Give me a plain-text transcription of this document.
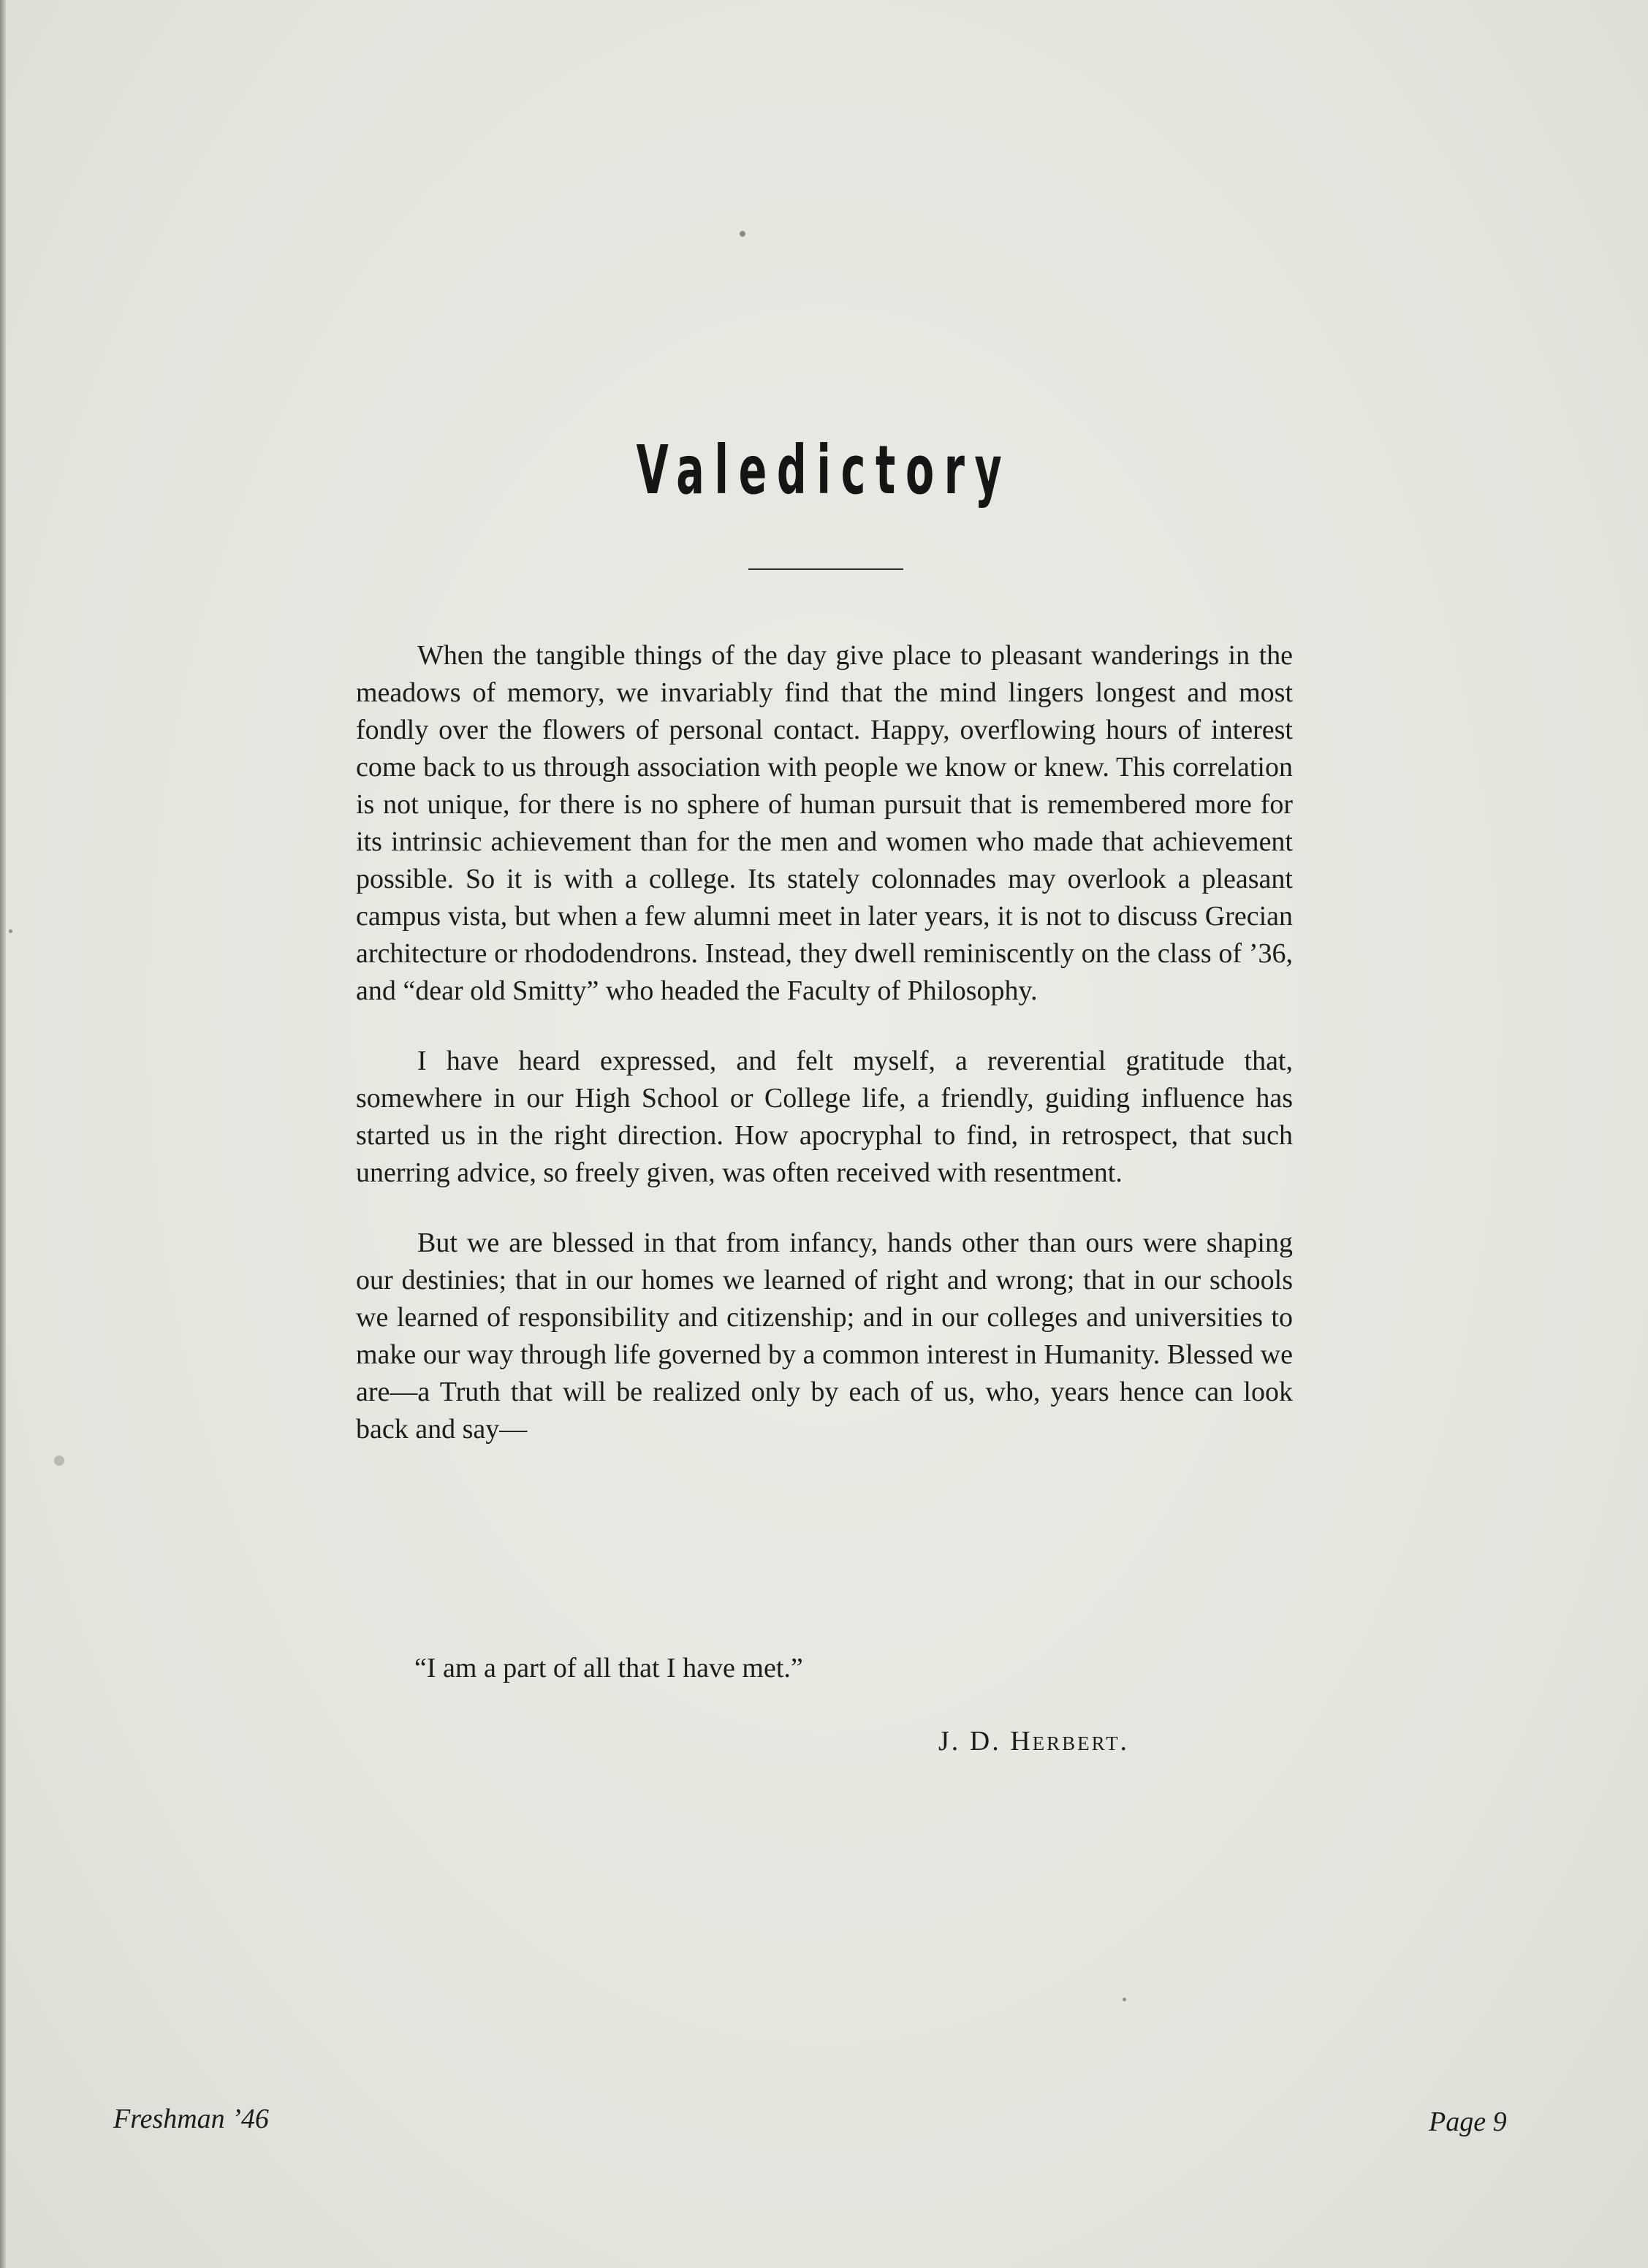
Valedictory

When the tangible things of the day give place to pleasant wanderings in the meadows of memory, we invariably find that the mind lingers longest and most fondly over the flowers of personal contact. Happy, overflowing hours of interest come back to us through association with people we know or knew. This correlation is not unique, for there is no sphere of human pursuit that is remembered more for its intrinsic achievement than for the men and women who made that achievement possible. So it is with a college. Its stately colonnades may overlook a pleasant campus vista, but when a few alumni meet in later years, it is not to discuss Grecian architecture or rhododendrons. Instead, they dwell reminiscently on the class of ’36, and “dear old Smitty” who headed the Faculty of Philosophy.

I have heard expressed, and felt myself, a reverential gratitude that, somewhere in our High School or College life, a friendly, guiding influence has started us in the right direction. How apocryphal to find, in retrospect, that such unerring advice, so freely given, was often received with resentment.

But we are blessed in that from infancy, hands other than ours were shaping our destinies; that in our homes we learned of right and wrong; that in our schools we learned of responsibility and citizenship; and in our colleges and universities to make our way through life governed by a common interest in Humanity. Blessed we are—a Truth that will be realized only by each of us, who, years hence can look back and say—

“I am a part of all that I have met.”
J. D. Herbert.
Freshman ’46	Page 9
